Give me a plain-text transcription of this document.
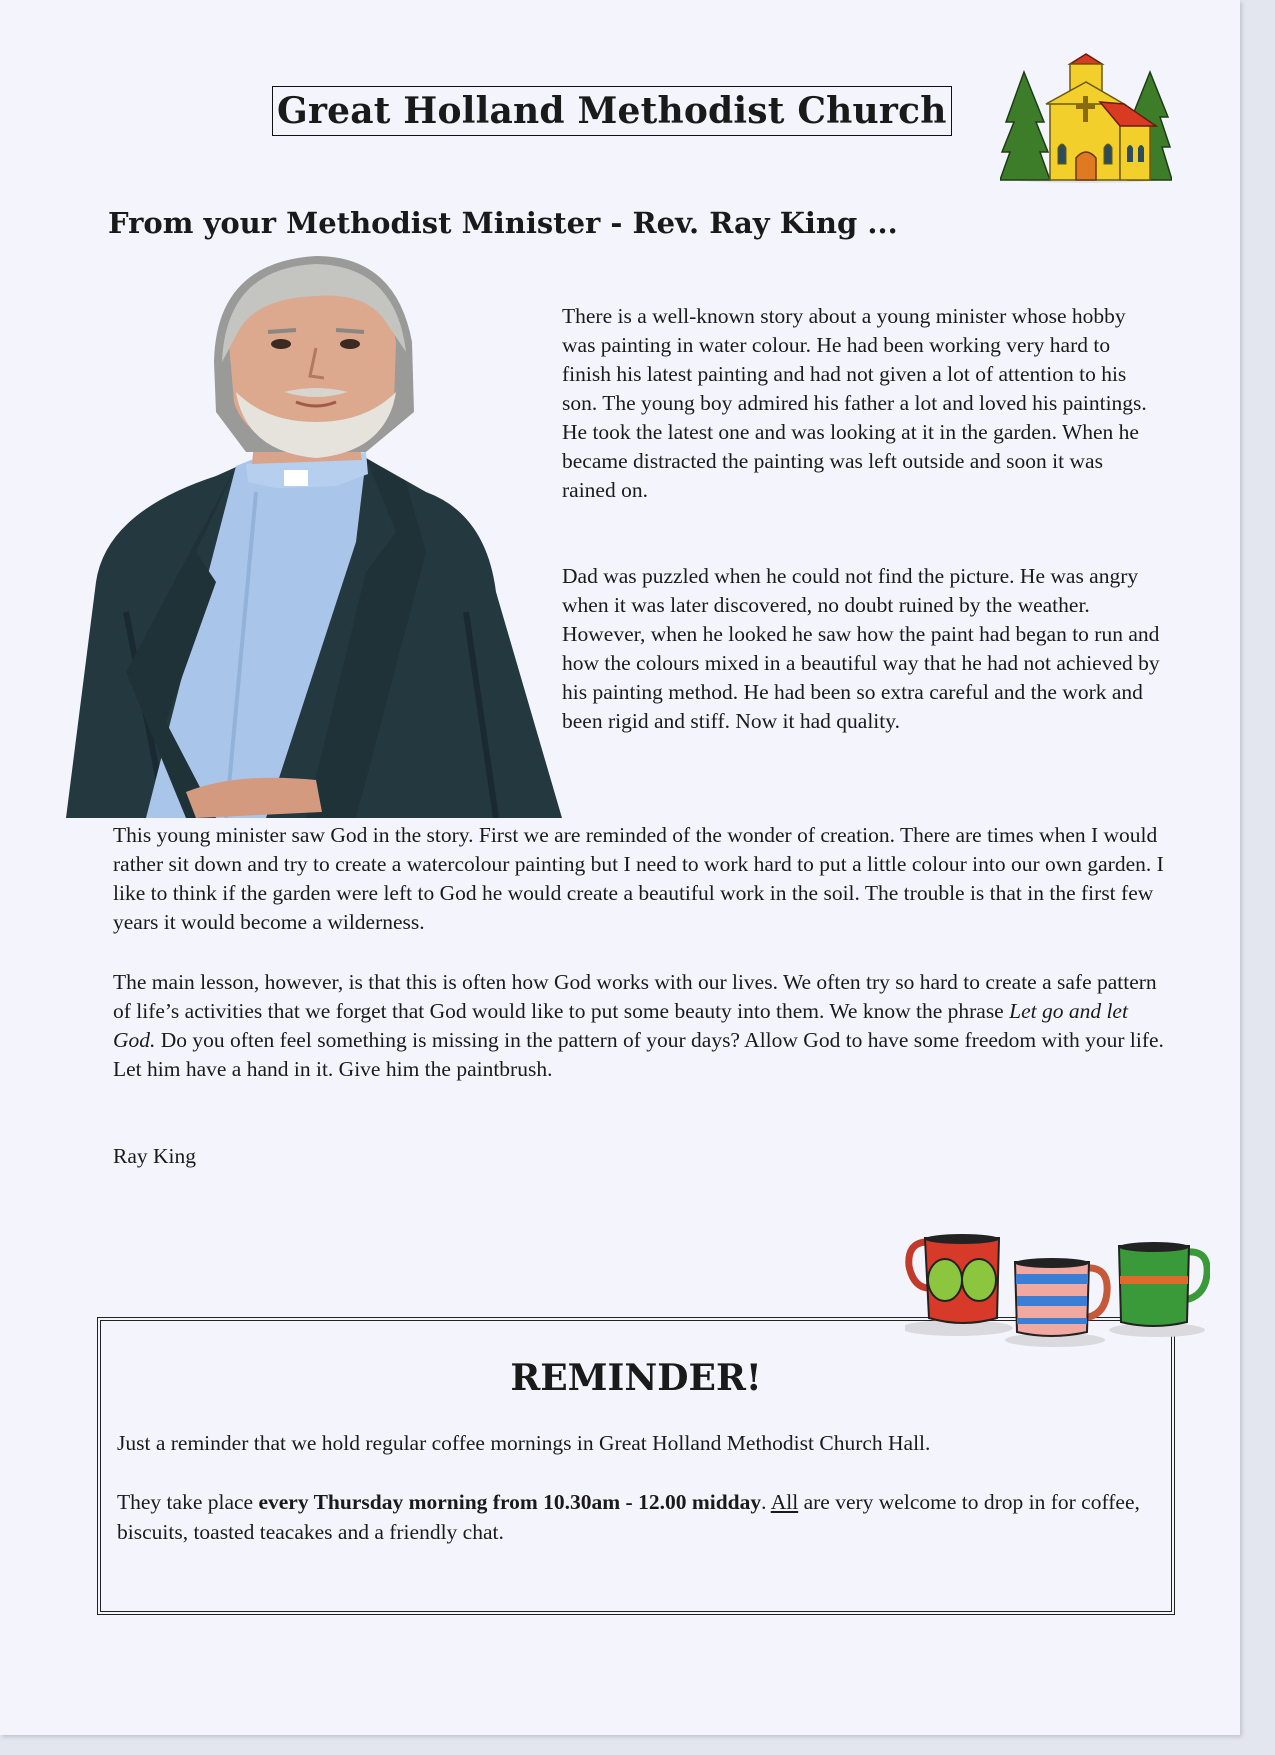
Great Holland Methodist Church
From your Methodist Minister - Rev. Ray King ...

There is a well-known story about a young minister whose hobby was painting in water colour. He had been working very hard to finish his latest painting and had not given a lot of attention to his son. The young boy admired his father a lot and loved his paintings. He took the latest one and was looking at it in the garden. When he became distracted the painting was left outside and soon it was rained on.

Dad was puzzled when he could not find the picture. He was angry when it was later discovered, no doubt ruined by the weather. However, when he looked he saw how the paint had began to run and how the colours mixed in a beautiful way that he had not achieved by his painting method. He had been so extra careful and the work and been rigid and stiff. Now it had quality.

This young minister saw God in the story. First we are reminded of the wonder of creation. There are times when I would rather sit down and try to create a watercolour painting but I need to work hard to put a little colour into our own garden. I like to think if the garden were left to God he would create a beautiful work in the soil. The trouble is that in the first few years it would become a wilderness.

The main lesson, however, is that this is often how God works with our lives. We often try so hard to create a safe pattern of life’s activities that we forget that God would like to put some beauty into them. We know the phrase Let go and let God. Do you often feel something is missing in the pattern of your days? Allow God to have some freedom with your life. Let him have a hand in it. Give him the paintbrush.

Ray King
REMINDER!

Just a reminder that we hold regular coffee mornings in Great Holland Methodist Church Hall.

They take place every Thursday morning from 10.30am - 12.00 midday. All are very welcome to drop in for coffee, biscuits, toasted teacakes and a friendly chat.
